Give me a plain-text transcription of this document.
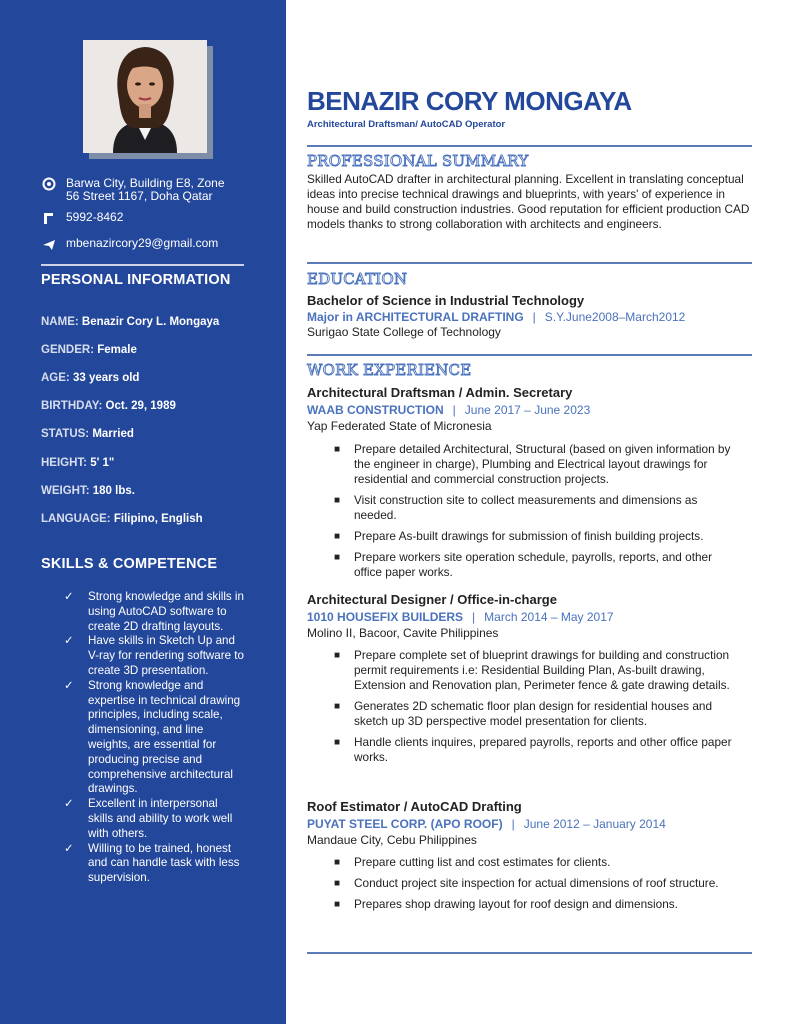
Barwa City, Building E8, Zone
56 Street 1167, Doha Qatar
5992-8462
mbenazircory29@gmail.com
PERSONAL INFORMATION
NAME: Benazir Cory L. Mongaya
GENDER: Female
AGE: 33 years old
BIRTHDAY: Oct. 29, 1989
STATUS: Married
HEIGHT: 5' 1"
WEIGHT: 180 lbs.
LANGUAGE: Filipino, English
SKILLS & COMPETENCE
✓ Strong knowledge and skills in using AutoCAD software to create 2D drafting layouts.
✓ Have skills in Sketch Up and V-ray for rendering software to create 3D presentation.
✓ Strong knowledge and expertise in technical drawing principles, including scale, dimensioning, and line weights, are essential for producing precise and comprehensive architectural drawings.
✓ Excellent in interpersonal skills and ability to work well with others.
✓ Willing to be trained, honest and can handle task with less supervision.
BENAZIR CORY MONGAYA
Architectural Draftsman/ AutoCAD Operator
PROFESSIONAL SUMMARY
Skilled AutoCAD drafter in architectural planning. Excellent in translating conceptual ideas into precise technical drawings and blueprints, with years' of experience in house and build construction industries. Good reputation for efficient production CAD models thanks to strong collaboration with architects and engineers.
EDUCATION
Bachelor of Science in Industrial Technology
Major in ARCHITECTURAL DRAFTING | S.Y.June2008–March2012
Surigao State College of Technology
WORK EXPERIENCE
Architectural Draftsman / Admin. Secretary
WAAB CONSTRUCTION | June 2017 – June 2023
Yap Federated State of Micronesia
■ Prepare detailed Architectural, Structural (based on given information by the engineer in charge), Plumbing and Electrical layout drawings for residential and commercial construction projects.
■ Visit construction site to collect measurements and dimensions as needed.
■ Prepare As-built drawings for submission of finish building projects.
■ Prepare workers site operation schedule, payrolls, reports, and other office paper works.
Architectural Designer / Office-in-charge
1010 HOUSEFIX BUILDERS | March 2014 – May 2017
Molino II, Bacoor, Cavite Philippines
■ Prepare complete set of blueprint drawings for building and construction permit requirements i.e: Residential Building Plan, As-built drawing, Extension and Renovation plan, Perimeter fence & gate drawing details.
■ Generates 2D schematic floor plan design for residential houses and sketch up 3D perspective model presentation for clients.
■ Handle clients inquires, prepared payrolls, reports and other office paper works.
Roof Estimator / AutoCAD Drafting
PUYAT STEEL CORP. (APO ROOF) | June 2012 – January 2014
Mandaue City, Cebu Philippines
■ Prepare cutting list and cost estimates for clients.
■ Conduct project site inspection for actual dimensions of roof structure.
■ Prepares shop drawing layout for roof design and dimensions.
